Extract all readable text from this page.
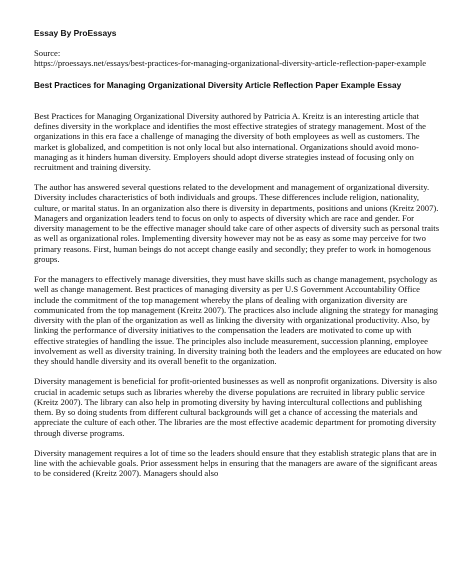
Essay By ProEssays
Source:
https://proessays.net/essays/best-practices-for-managing-organizational-diversity-article-reflection-paper-example
Best Practices for Managing Organizational Diversity Article Reflection Paper Example Essay

Best Practices for Managing Organizational Diversity authored by Patricia A. Kreitz is an interesting article that defines diversity in the workplace and identifies the most effective strategies of strategy management. Most of the organizations in this era face a challenge of managing the diversity of both employees as well as customers. The market is globalized, and competition is not only local but also international. Organizations should avoid mono-managing as it hinders human diversity. Employers should adopt diverse strategies instead of focusing only on recruitment and training diversity.

The author has answered several questions related to the development and management of organizational diversity. Diversity includes characteristics of both individuals and groups. These differences include religion, nationality, culture, or marital status. In an organization also there is diversity in departments, positions and unions (Kreitz 2007). Managers and organization leaders tend to focus on only to aspects of diversity which are race and gender. For diversity management to be the effective manager should take care of other aspects of diversity such as personal traits as well as organizational roles. Implementing diversity however may not be as easy as some may perceive for two primary reasons. First, human beings do not accept change easily and secondly; they prefer to work in homogenous groups.

For the managers to effectively manage diversities, they must have skills such as change management, psychology as well as change management. Best practices of managing diversity as per U.S Government Accountability Office include the commitment of the top management whereby the plans of dealing with organization diversity are communicated from the top management (Kreitz 2007). The practices also include aligning the strategy for managing diversity with the plan of the organization as well as linking the diversity with organizational productivity. Also, by linking the performance of diversity initiatives to the compensation the leaders are motivated to come up with effective strategies of handling the issue. The principles also include measurement, succession planning, employee involvement as well as diversity training. In diversity training both the leaders and the employees are educated on how they should handle diversity and its overall benefit to the organization.

Diversity management is beneficial for profit-oriented businesses as well as nonprofit organizations. Diversity is also crucial in academic setups such as libraries whereby the diverse populations are recruited in library public service (Kreitz 2007). The library can also help in promoting diversity by having intercultural collections and publishing them. By so doing students from different cultural backgrounds will get a chance of accessing the materials and appreciate the culture of each other. The libraries are the most effective academic department for promoting diversity through diverse programs.

Diversity management requires a lot of time so the leaders should ensure that they establish strategic plans that are in line with the achievable goals. Prior assessment helps in ensuring that the managers are aware of the significant areas to be considered (Kreitz 2007). Managers should also
